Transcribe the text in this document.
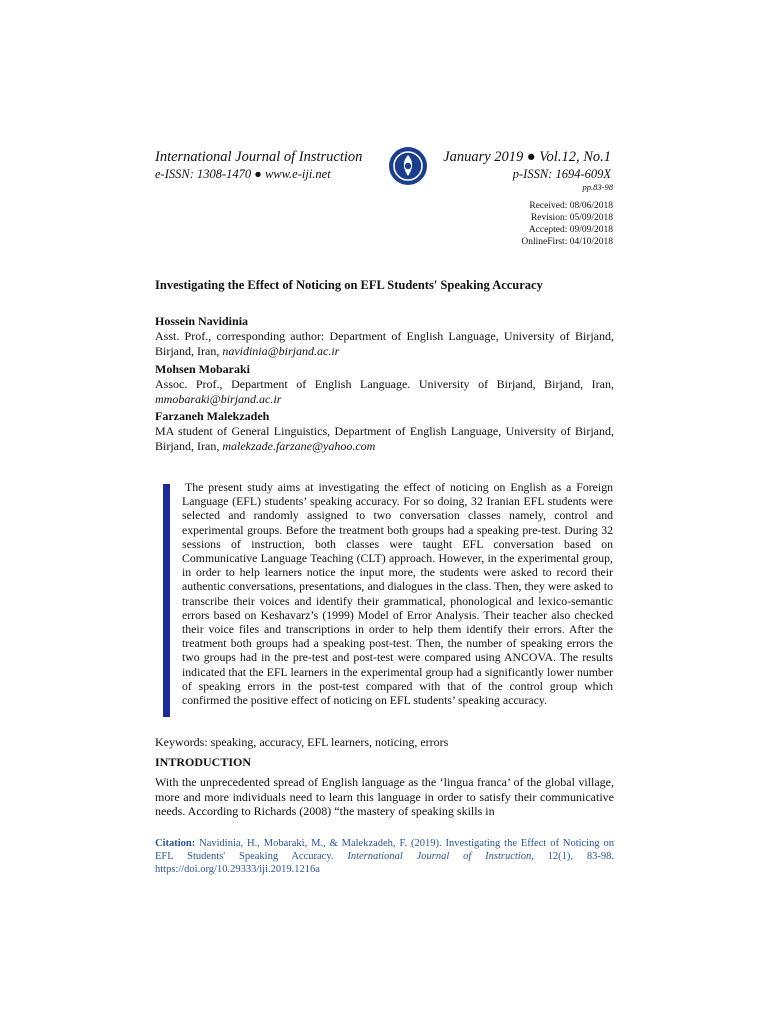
International Journal of Instruction
e-ISSN: 1308-1470 ● www.e-iji.net
January 2019 ● Vol.12, No.1
p-ISSN: 1694-609X
pp.83-98
Received: 08/06/2018
Revision: 05/09/2018
Accepted: 09/09/2018
OnlineFirst: 04/10/2018
Investigating the Effect of Noticing on EFL Students' Speaking Accuracy
Hossein Navidinia
Asst. Prof., corresponding author: Department of English Language, University of Birjand, Birjand, Iran, navidinia@birjand.ac.ir
Mohsen Mobaraki
Assoc. Prof., Department of English Language. University of Birjand, Birjand, Iran, mmobaraki@birjand.ac.ir
Farzaneh Malekzadeh
MA student of General Linguistics, Department of English Language, University of Birjand, Birjand, Iran, malekzade.farzane@yahoo.com
The present study aims at investigating the effect of noticing on English as a Foreign Language (EFL) students’ speaking accuracy. For so doing, 32 Iranian EFL students were selected and randomly assigned to two conversation classes namely, control and experimental groups. Before the treatment both groups had a speaking pre-test. During 32 sessions of instruction, both classes were taught EFL conversation based on Communicative Language Teaching (CLT) approach. However, in the experimental group, in order to help learners notice the input more, the students were asked to record their authentic conversations, presentations, and dialogues in the class. Then, they were asked to transcribe their voices and identify their grammatical, phonological and lexico-semantic errors based on Keshavarz’s (1999) Model of Error Analysis. Their teacher also checked their voice files and transcriptions in order to help them identify their errors. After the treatment both groups had a speaking post-test. Then, the number of speaking errors the two groups had in the pre-test and post-test were compared using ANCOVA. The results indicated that the EFL learners in the experimental group had a significantly lower number of speaking errors in the post-test compared with that of the control group which confirmed the positive effect of noticing on EFL students’ speaking accuracy.
Keywords: speaking, accuracy, EFL learners, noticing, errors
INTRODUCTION
With the unprecedented spread of English language as the ‘lingua franca’ of the global village, more and more individuals need to learn this language in order to satisfy their communicative needs. According to Richards (2008) “the mastery of speaking skills in
Citation: Navidinia, H., Mobaraki, M., & Malekzadeh, F. (2019). Investigating the Effect of Noticing on EFL Students' Speaking Accuracy. International Journal of Instruction, 12(1), 83-98. https://doi.org/10.29333/iji.2019.1216a
